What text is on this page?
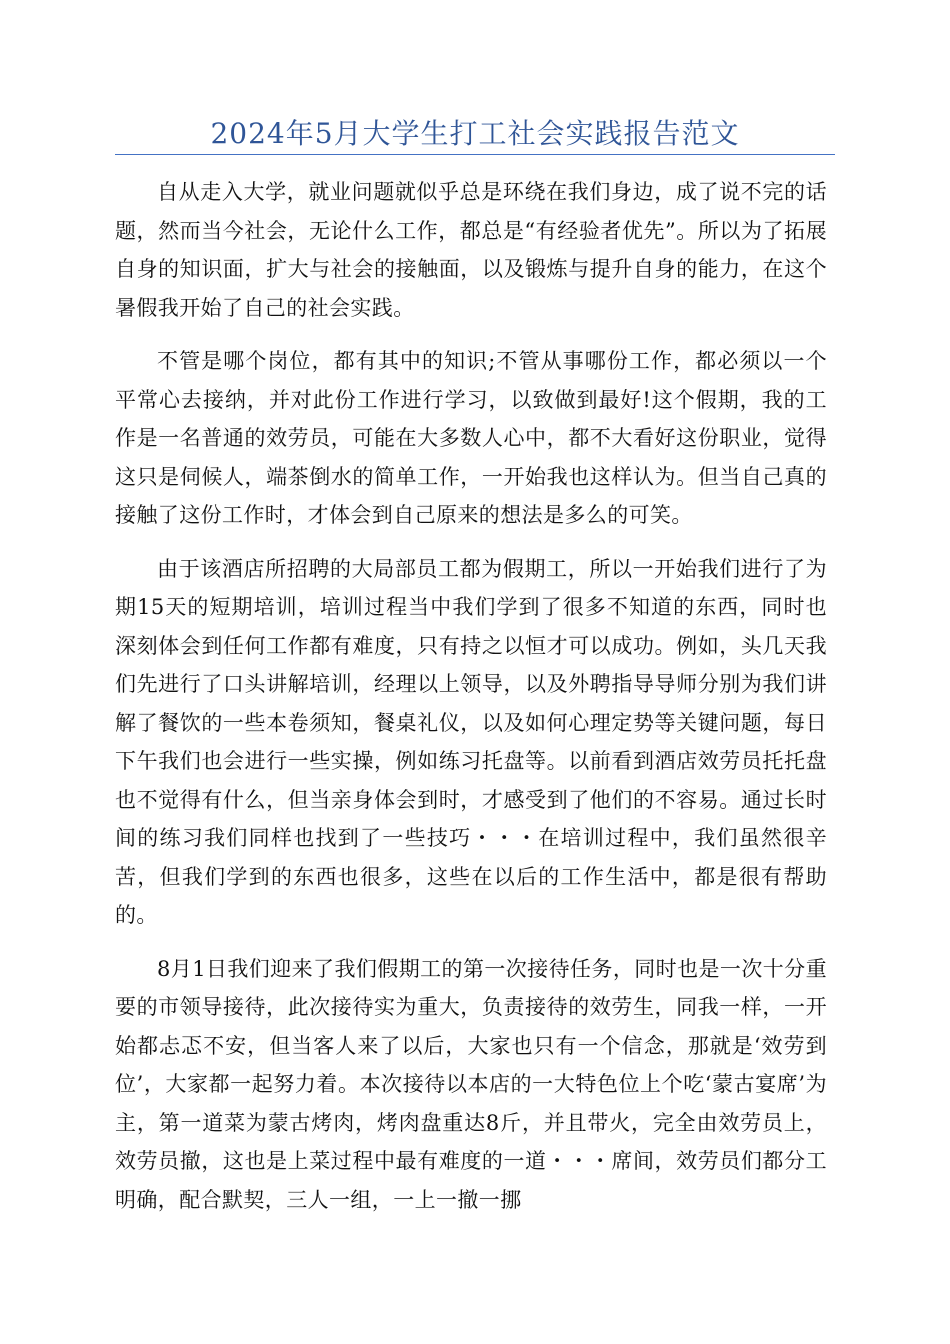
2024年5月大学生打工社会实践报告范文

自从走入大学，就业问题就似乎总是环绕在我们身边，成了说不完的话题，然而当今社会，无论什么工作，都总是“有经验者优先”。所以为了拓展自身的知识面，扩大与社会的接触面，以及锻炼与提升自身的能力，在这个暑假我开始了自己的社会实践。

不管是哪个岗位，都有其中的知识;不管从事哪份工作，都必须以一个平常心去接纳，并对此份工作进行学习，以致做到最好!这个假期，我的工作是一名普通的效劳员，可能在大多数人心中，都不大看好这份职业，觉得这只是伺候人，端茶倒水的简单工作，一开始我也这样认为。但当自己真的接触了这份工作时，才体会到自己原来的想法是多么的可笑。

由于该酒店所招聘的大局部员工都为假期工，所以一开始我们进行了为期15天的短期培训，培训过程当中我们学到了很多不知道的东西，同时也深刻体会到任何工作都有难度，只有持之以恒才可以成功。例如，头几天我们先进行了口头讲解培训，经理以上领导，以及外聘指导导师分别为我们讲解了餐饮的一些本卷须知，餐桌礼仪，以及如何心理定势等关键问题，每日下午我们也会进行一些实操，例如练习托盘等。以前看到酒店效劳员托托盘也不觉得有什么，但当亲身体会到时，才感受到了他们的不容易。通过长时间的练习我们同样也找到了一些技巧・・・在培训过程中，我们虽然很辛苦，但我们学到的东西也很多，这些在以后的工作生活中，都是很有帮助的。

8月1日我们迎来了我们假期工的第一次接待任务，同时也是一次十分重要的市领导接待，此次接待实为重大，负责接待的效劳生，同我一样，一开始都忐忑不安，但当客人来了以后，大家也只有一个信念，那就是‘效劳到位’，大家都一起努力着。本次接待以本店的一大特色位上个吃‘蒙古宴席’为主，第一道菜为蒙古烤肉，烤肉盘重达8斤，并且带火，完全由效劳员上，效劳员撤，这也是上菜过程中最有难度的一道・・・席间，效劳员们都分工明确，配合默契，三人一组，一上一撤一挪
